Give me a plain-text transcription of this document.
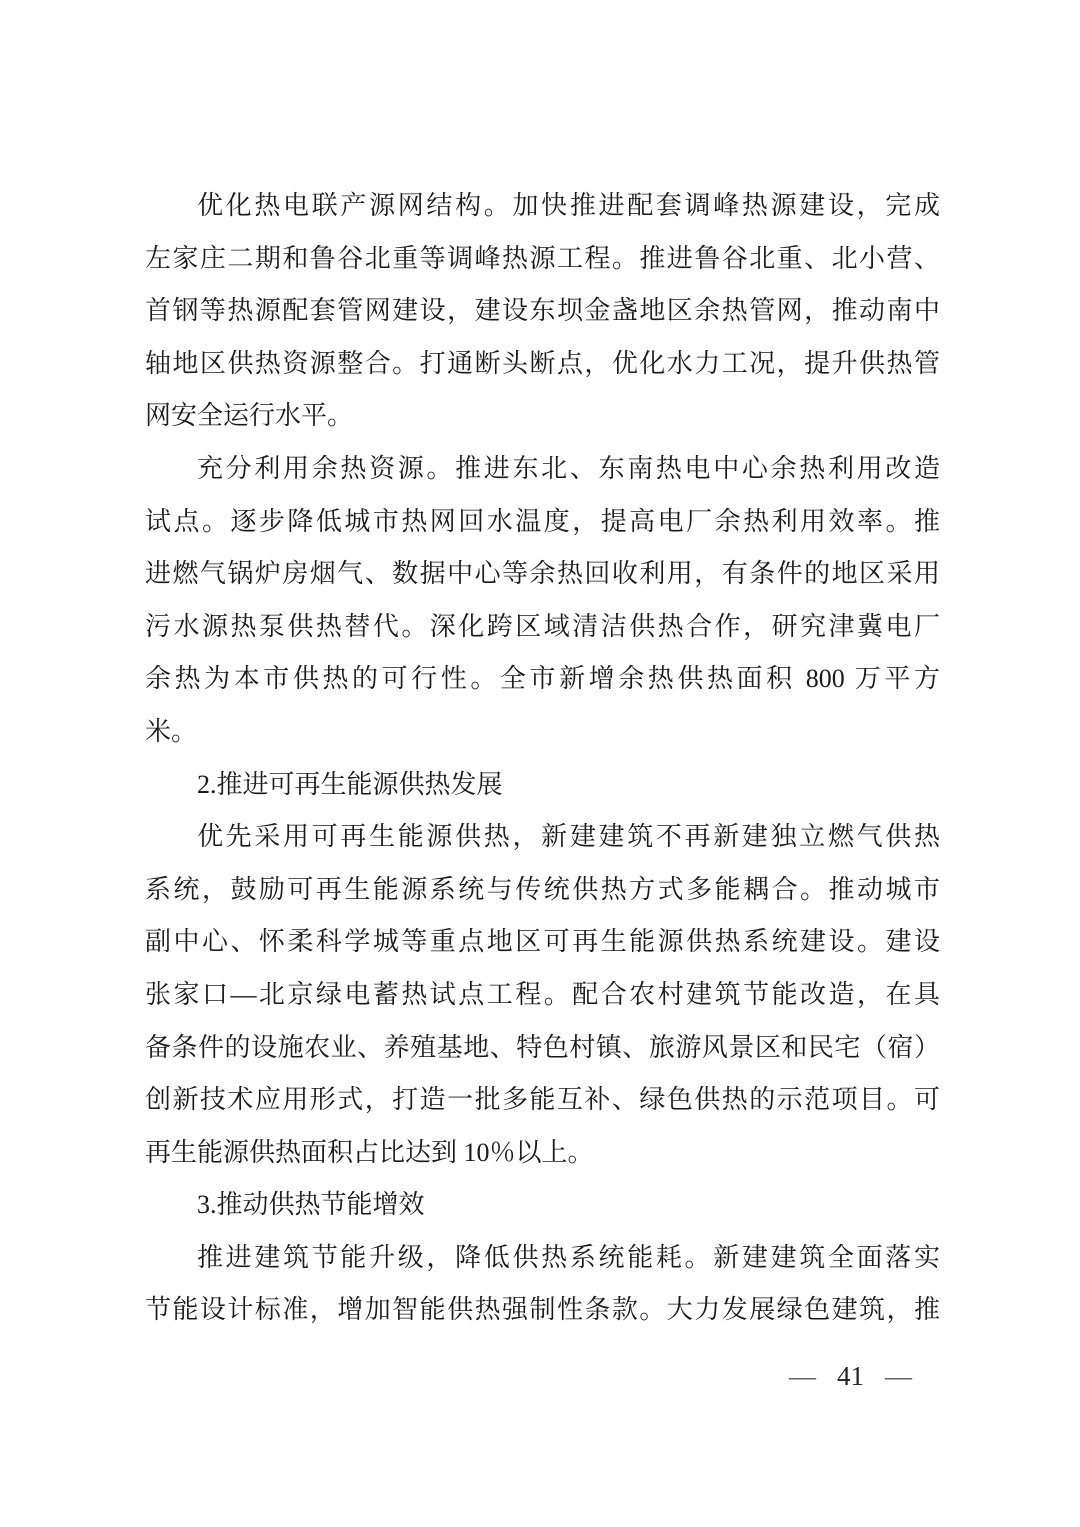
优化热电联产源网结构。加快推进配套调峰热源建设，完成
左家庄二期和鲁谷北重等调峰热源工程。推进鲁谷北重、北小营、
首钢等热源配套管网建设，建设东坝金盏地区余热管网，推动南中
轴地区供热资源整合。打通断头断点，优化水力工况，提升供热管
网安全运行水平。
充分利用余热资源。推进东北、东南热电中心余热利用改造
试点。逐步降低城市热网回水温度，提高电厂余热利用效率。推
进燃气锅炉房烟气、数据中心等余热回收利用，有条件的地区采用
污水源热泵供热替代。深化跨区域清洁供热合作，研究津冀电厂
余热为本市供热的可行性。全市新增余热供热面积 800 万平方
米。
2.推进可再生能源供热发展
优先采用可再生能源供热，新建建筑不再新建独立燃气供热
系统，鼓励可再生能源系统与传统供热方式多能耦合。推动城市
副中心、怀柔科学城等重点地区可再生能源供热系统建设。建设
张家口—北京绿电蓄热试点工程。配合农村建筑节能改造，在具
备条件的设施农业、养殖基地、特色村镇、旅游风景区和民宅（宿）
创新技术应用形式，打造一批多能互补、绿色供热的示范项目。可
再生能源供热面积占比达到 10％以上。
3.推动供热节能增效
推进建筑节能升级，降低供热系统能耗。新建建筑全面落实
节能设计标准，增加智能供热强制性条款。大力发展绿色建筑，推
— 41 —
